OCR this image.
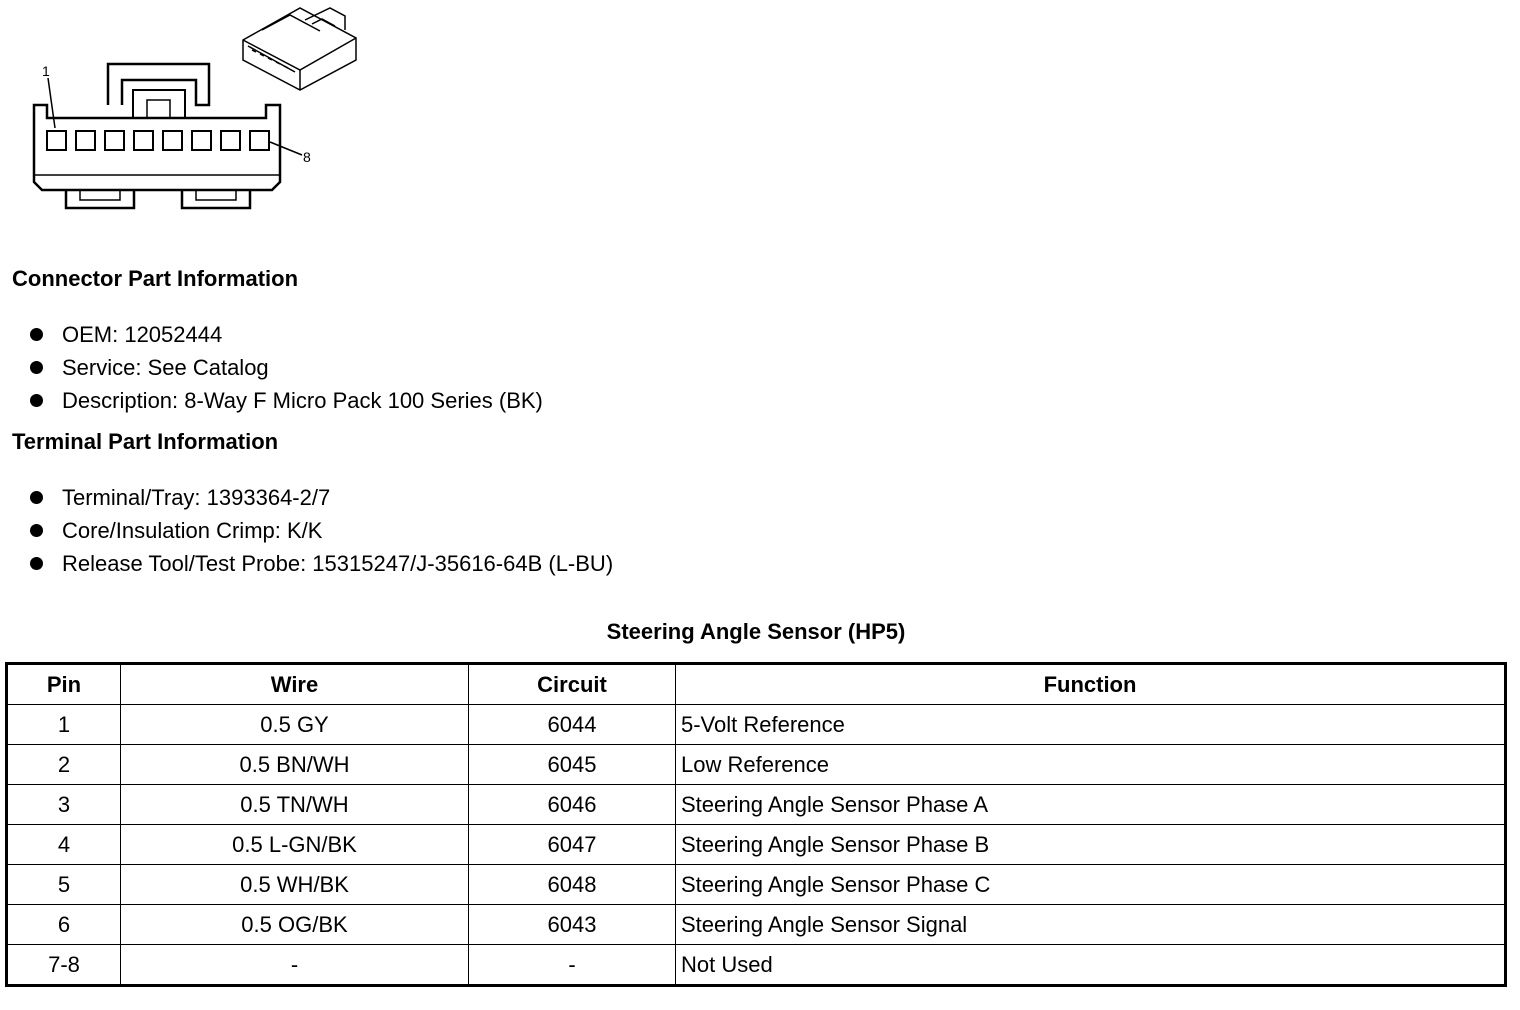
1
8
Connector Part Information
OEM: 12052444
Service: See Catalog
Description: 8-Way F Micro Pack 100 Series (BK)
Terminal Part Information
Terminal/Tray: 1393364-2/7
Core/Insulation Crimp: K/K
Release Tool/Test Probe: 15315247/J-35616-64B (L-BU)
Steering Angle Sensor (HP5)
Pin	Wire	Circuit	Function
1	0.5 GY	6044	5-Volt Reference
2	0.5 BN/WH	6045	Low Reference
3	0.5 TN/WH	6046	Steering Angle Sensor Phase A
4	0.5 L-GN/BK	6047	Steering Angle Sensor Phase B
5	0.5 WH/BK	6048	Steering Angle Sensor Phase C
6	0.5 OG/BK	6043	Steering Angle Sensor Signal
7-8	-	-	Not Used
